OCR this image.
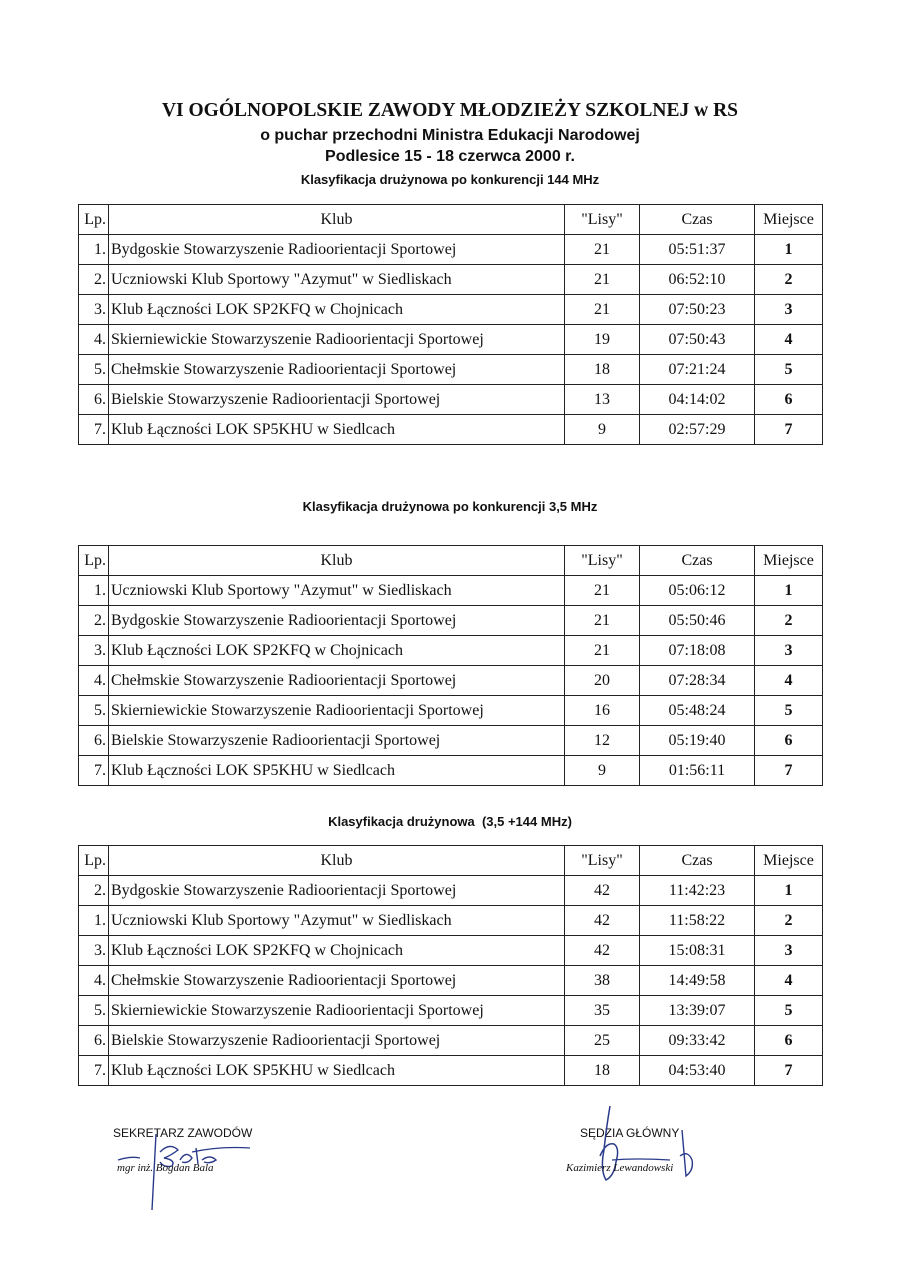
VI OGÓLNOPOLSKIE ZAWODY MŁODZIEŻY SZKOLNEJ w RS
o puchar przechodni Ministra Edukacji Narodowej
Podlesice 15 - 18 czerwca 2000 r.
Klasyfikacja drużynowa po konkurencji 144 MHz
Lp.	Klub	"Lisy"	Czas	Miejsce
1.	Bydgoskie Stowarzyszenie Radioorientacji Sportowej	21	05:51:37	1
2.	Uczniowski Klub Sportowy "Azymut" w Siedliskach	21	06:52:10	2
3.	Klub Łączności LOK SP2KFQ w Chojnicach	21	07:50:23	3
4.	Skierniewickie Stowarzyszenie Radioorientacji Sportowej	19	07:50:43	4
5.	Chełmskie Stowarzyszenie Radioorientacji Sportowej	18	07:21:24	5
6.	Bielskie Stowarzyszenie Radioorientacji Sportowej	13	04:14:02	6
7.	Klub Łączności LOK SP5KHU w Siedlcach	9	02:57:29	7
Klasyfikacja drużynowa po konkurencji 3,5 MHz
Lp.	Klub	"Lisy"	Czas	Miejsce
1.	Uczniowski Klub Sportowy "Azymut" w Siedliskach	21	05:06:12	1
2.	Bydgoskie Stowarzyszenie Radioorientacji Sportowej	21	05:50:46	2
3.	Klub Łączności LOK SP2KFQ w Chojnicach	21	07:18:08	3
4.	Chełmskie Stowarzyszenie Radioorientacji Sportowej	20	07:28:34	4
5.	Skierniewickie Stowarzyszenie Radioorientacji Sportowej	16	05:48:24	5
6.	Bielskie Stowarzyszenie Radioorientacji Sportowej	12	05:19:40	6
7.	Klub Łączności LOK SP5KHU w Siedlcach	9	01:56:11	7
Klasyfikacja drużynowa  (3,5 +144 MHz)
Lp.	Klub	"Lisy"	Czas	Miejsce
2.	Bydgoskie Stowarzyszenie Radioorientacji Sportowej	42	11:42:23	1
1.	Uczniowski Klub Sportowy "Azymut" w Siedliskach	42	11:58:22	2
3.	Klub Łączności LOK SP2KFQ w Chojnicach	42	15:08:31	3
4.	Chełmskie Stowarzyszenie Radioorientacji Sportowej	38	14:49:58	4
5.	Skierniewickie Stowarzyszenie Radioorientacji Sportowej	35	13:39:07	5
6.	Bielskie Stowarzyszenie Radioorientacji Sportowej	25	09:33:42	6
7.	Klub Łączności LOK SP5KHU w Siedlcach	18	04:53:40	7
SEKRETARZ ZAWODÓW
mgr inż. Bogdan Bala
SĘDZIA GŁÓWNY
Kazimierz Lewandowski
